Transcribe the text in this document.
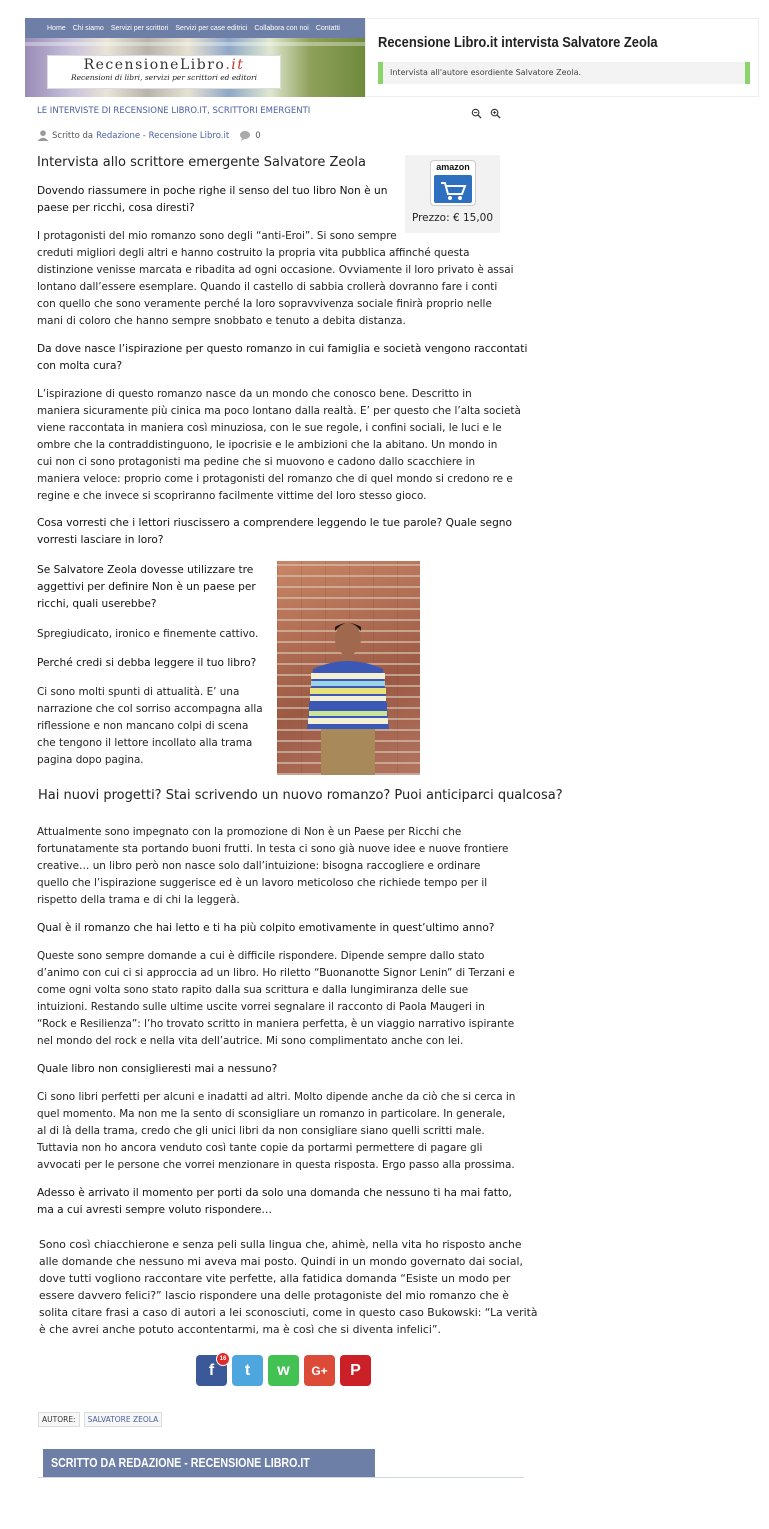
Home Chi siamo Servizi per scrittori Servizi per case editrici Collabora con noi Contatti
RecensioneLibro.it
Recensioni di libri, servizi per scrittori ed editori
Recensione Libro.it intervista Salvatore Zeola
Intervista all'autore esordiente Salvatore Zeola.
LE INTERVISTE DI RECENSIONE LIBRO.IT, SCRITTORI EMERGENTI
Scritto da Redazione - Recensione Libro.it	0
Intervista allo scrittore emergente Salvatore Zeola	amazon
Prezzo: € 15,00
Dovendo riassumere in poche righe il senso del tuo libro Non è un
paese per ricchi, cosa diresti?
I protagonisti del mio romanzo sono degli “anti-Eroi”. Si sono sempre
creduti migliori degli altri e hanno costruito la propria vita pubblica affinché questa
distinzione venisse marcata e ribadita ad ogni occasione. Ovviamente il loro privato è assai
lontano dall’essere esemplare. Quando il castello di sabbia crollerà dovranno fare i conti
con quello che sono veramente perché la loro sopravvivenza sociale finirà proprio nelle
mani di coloro che hanno sempre snobbato e tenuto a debita distanza.
Da dove nasce l’ispirazione per questo romanzo in cui famiglia e società vengono raccontati
con molta cura?
L’ispirazione di questo romanzo nasce da un mondo che conosco bene. Descritto in
maniera sicuramente più cinica ma poco lontano dalla realtà. E’ per questo che l’alta società
viene raccontata in maniera così minuziosa, con le sue regole, i confini sociali, le luci e le
ombre che la contraddistinguono, le ipocrisie e le ambizioni che la abitano. Un mondo in
cui non ci sono protagonisti ma pedine che si muovono e cadono dallo scacchiere in
maniera veloce: proprio come i protagonisti del romanzo che di quel mondo si credono re e
regine e che invece si scopriranno facilmente vittime del loro stesso gioco.
Cosa vorresti che i lettori riuscissero a comprendere leggendo le tue parole? Quale segno
vorresti lasciare in loro?
Se Salvatore Zeola dovesse utilizzare tre
aggettivi per definire Non è un paese per
ricchi, quali userebbe?
Spregiudicato, ironico e finemente cattivo.
Perché credi si debba leggere il tuo libro?
Ci sono molti spunti di attualità. E’ una
narrazione che col sorriso accompagna alla
riflessione e non mancano colpi di scena
che tengono il lettore incollato alla trama
pagina dopo pagina.
Hai nuovi progetti? Stai scrivendo un nuovo romanzo? Puoi anticiparci qualcosa?
Attualmente sono impegnato con la promozione di Non è un Paese per Ricchi che
fortunatamente sta portando buoni frutti. In testa ci sono già nuove idee e nuove frontiere
creative… un libro però non nasce solo dall’intuizione: bisogna raccogliere e ordinare
quello che l’ispirazione suggerisce ed è un lavoro meticoloso che richiede tempo per il
rispetto della trama e di chi la leggerà.
Qual è il romanzo che hai letto e ti ha più colpito emotivamente in quest’ultimo anno?
Queste sono sempre domande a cui è difficile rispondere. Dipende sempre dallo stato
d’animo con cui ci si approccia ad un libro. Ho riletto “Buonanotte Signor Lenin” di Terzani e
come ogni volta sono stato rapito dalla sua scrittura e dalla lungimiranza delle sue
intuizioni. Restando sulle ultime uscite vorrei segnalare il racconto di Paola Maugeri in
“Rock e Resilienza”: l’ho trovato scritto in maniera perfetta, è un viaggio narrativo ispirante
nel mondo del rock e nella vita dell’autrice. Mi sono complimentato anche con lei.
Quale libro non consiglieresti mai a nessuno?
Ci sono libri perfetti per alcuni e inadatti ad altri. Molto dipende anche da ciò che si cerca in
quel momento. Ma non me la sento di sconsigliare un romanzo in particolare. In generale,
al di là della trama, credo che gli unici libri da non consigliare siano quelli scritti male.
Tuttavia non ho ancora venduto così tante copie da portarmi permettere di pagare gli
avvocati per le persone che vorrei menzionare in questa risposta. Ergo passo alla prossima.
Adesso è arrivato il momento per porti da solo una domanda che nessuno ti ha mai fatto,
ma a cui avresti sempre voluto rispondere…
Sono così chiacchierone e senza peli sulla lingua che, ahimè, nella vita ho risposto anche
alle domande che nessuno mi aveva mai posto. Quindi in un mondo governato dai social,
dove tutti vogliono raccontare vite perfette, alla fatidica domanda “Esiste un modo per
essere davvero felici?” lascio rispondere una delle protagoniste del mio romanzo che è
solita citare frasi a caso di autori a lei sconosciuti, come in questo caso Bukowski: “La verità
è che avrei anche potuto accontentarmi, ma è così che si diventa infelici”.
f
16
t w G+ P
AUTORE:	SALVATORE ZEOLA
SCRITTO DA REDAZIONE - RECENSIONE LIBRO.IT
